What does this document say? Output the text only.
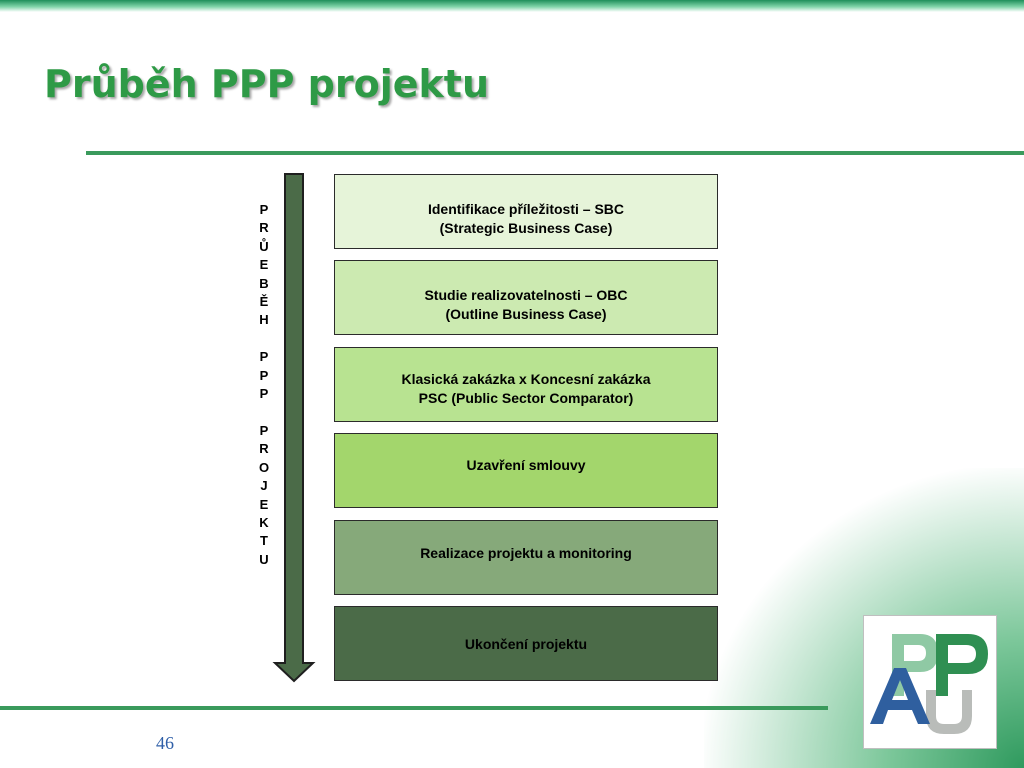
Průběh PPP projektu
P
R
Ů
E
B
Ě
H

P
P
P

P
R
O
J
E
K
T
U
Identifikace příležitosti – SBC
(Strategic Business Case)
Studie realizovatelnosti – OBC
(Outline Business Case)
Klasická zakázka x Koncesní zakázka
PSC (Public Sector Comparator)
Uzavření smlouvy
Realizace projektu a monitoring
Ukončení projektu
46
